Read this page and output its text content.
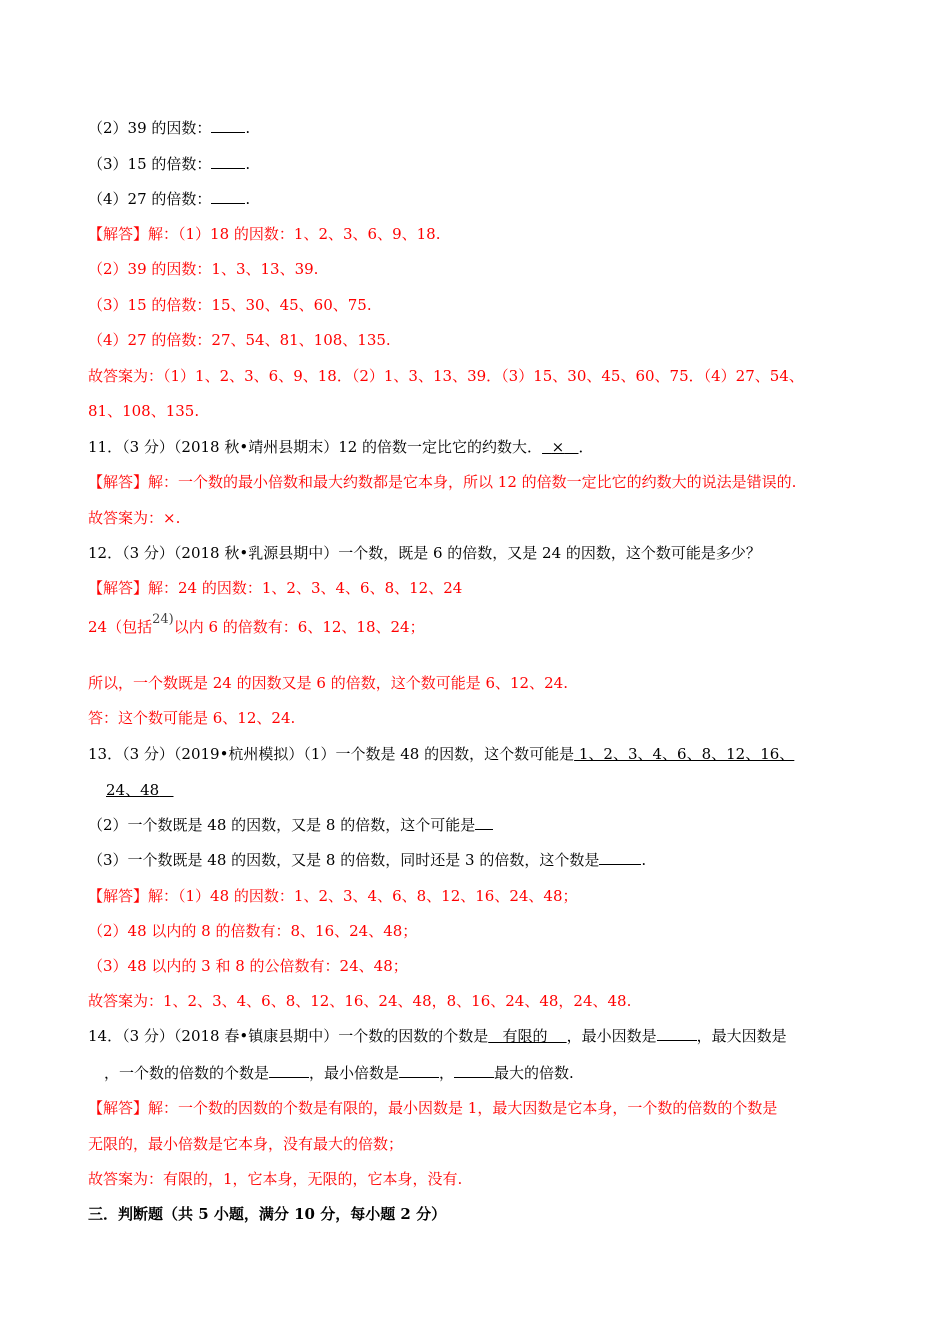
（2）39 的因数： .
（3）15 的倍数： .
（4）27 的倍数： .
【解答】解：（1）18 的因数：1、2、3、6、9、18.
（2）39 的因数：1、3、13、39.
（3）15 的倍数：15、30、45、60、75.
（4）27 的倍数：27、54、81、108、135.
故答案为：（1）1、2、3、6、9、18．（2）1、3、13、39．（3）15、30、45、60、75．（4）27、54、
81、108、135.
11．（3 分）（2018 秋•靖州县期末）12 的倍数一定比它的约数大． × ．
【解答】解：一个数的最小倍数和最大约数都是它本身，所以 12 的倍数一定比它的约数大的说法是错误的.
故答案为：×.
12．（3 分）（2018 秋•乳源县期中）一个数，既是 6 的倍数，又是 24 的因数，这个数可能是多少？
【解答】解：24 的因数：1、2、3、4、6、8、12、24
24（包括24)以内 6 的倍数有：6、12、18、24；
所以，一个数既是 24 的因数又是 6 的倍数，这个数可能是 6、12、24.
答：这个数可能是 6、12、24.
13．（3 分）（2019•杭州模拟）（1）一个数是 48 的因数，这个数可能是 1、2、3、4、6、8、12、16、
24、48
（2）一个数既是 48 的因数，又是 8 的倍数，这个可能是
（3）一个数既是 48 的因数，又是 8 的倍数，同时还是 3 的倍数，这个数是	.
【解答】解：（1）48 的因数：1、2、3、4、6、8、12、16、24、48；
（2）48 以内的 8 的倍数有：8、16、24、48；
（3）48 以内的 3 和 8 的公倍数有：24、48；
故答案为：1、2、3、4、6、8、12、16、24、48，8、16、24、48，24、48.
14．（3 分）（2018 春•镇康县期中）一个数的因数的个数是 有限的 ，最小因数是	，最大因数是
，一个数的倍数的个数是	，最小倍数是	，	最大的倍数.
【解答】解：一个数的因数的个数是有限的，最小因数是 1，最大因数是它本身，一个数的倍数的个数是
无限的，最小倍数是它本身，没有最大的倍数；
故答案为：有限的，1，它本身，无限的，它本身，没有.
三．判断题（共 5 小题，满分 10 分，每小题 2 分）
